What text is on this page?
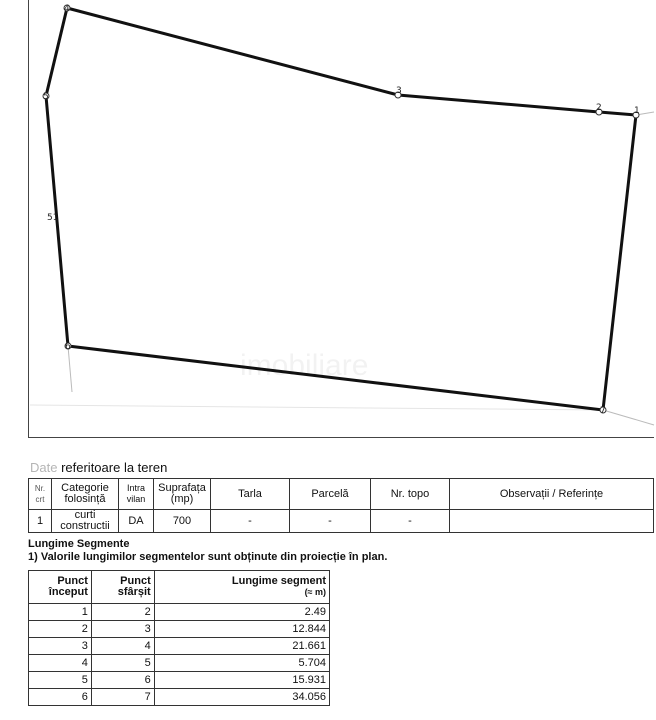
1
2
3
4
5
6
7
51
imobiliare
Date referitoare la teren
Nr. crt	Categorie folosință	Intra vilan	Suprafața (mp)	Tarla	Parcelă	Nr. topo	Observații / Referințe
1	curti constructii	DA	700	-	-	-	
Lungime Segmente
1) Valorile lungimilor segmentelor sunt obținute din proiecție în plan.
Punct început	Punct sfârșit	Lungime segment
(≈ m)

1	2	2.49
2	3	12.844
3	4	21.661
4	5	5.704
5	6	15.931
6	7	34.056
